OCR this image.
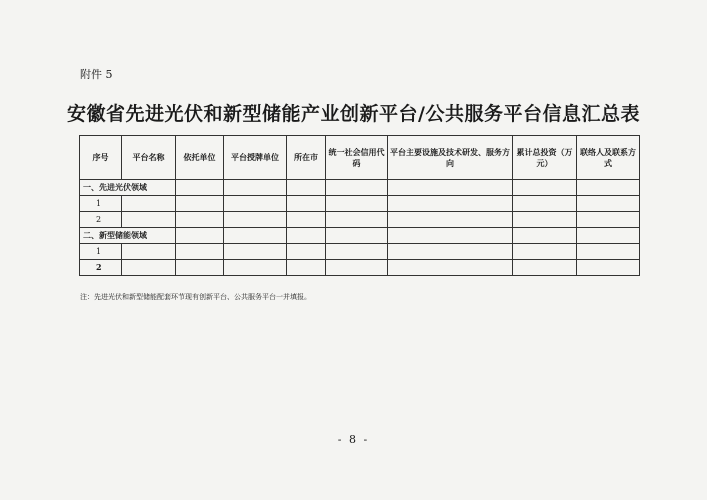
附件 5
安徽省先进光伏和新型储能产业创新平台/公共服务平台信息汇总表
序号	平台名称	依托单位	平台授牌单位	所在市	统一社会信用代码	平台主要设施及技术研发、服务方向	累计总投资（万元）	联络人及联系方式
一、先进光伏领域								
1								
2								
二、新型储能领域								
1								
2								
注：先进光伏和新型储能配套环节现有创新平台、公共服务平台一并填报。
- 8 -
